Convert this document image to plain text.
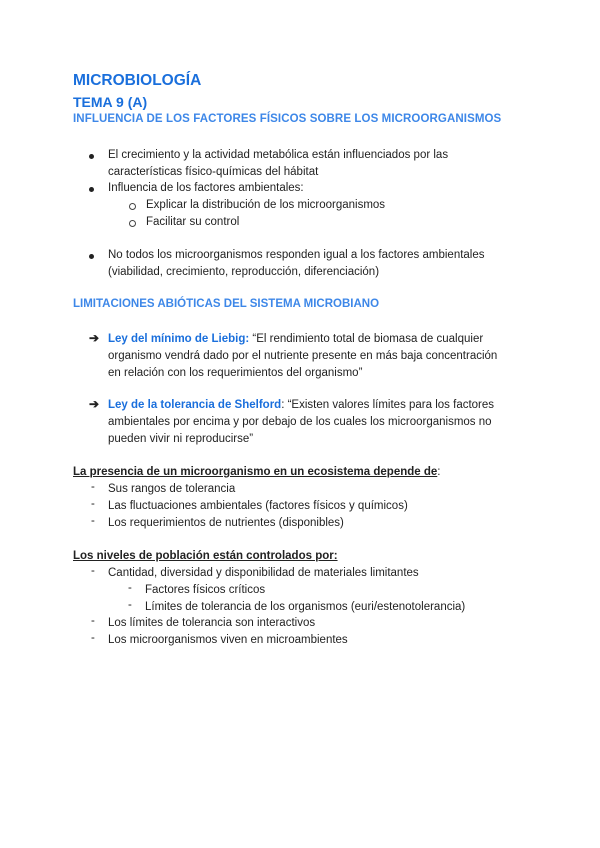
MICROBIOLOGÍA
TEMA 9 (A)
INFLUENCIA DE LOS FACTORES FÍSICOS SOBRE LOS MICROORGANISMOS
El crecimiento y la actividad metabólica están influenciados por las
características físico-químicas del hábitat
Influencia de los factores ambientales:
Explicar la distribución de los microorganismos
Facilitar su control
No todos los microorganismos responden igual a los factores ambientales
(viabilidad, crecimiento, reproducción, diferenciación)
LIMITACIONES ABIÓTICAS DEL SISTEMA MICROBIANO
➔ Ley del mínimo de Liebig: “El rendimiento total de biomasa de cualquier
organismo vendrá dado por el nutriente presente en más baja concentración
en relación con los requerimientos del organismo”
➔ Ley de la tolerancia de Shelford: “Existen valores límites para los factores
ambientales por encima y por debajo de los cuales los microorganismos no
pueden vivir ni reproducirse”
La presencia de un microorganismo en un ecosistema depende de:
- Sus rangos de tolerancia
- Las fluctuaciones ambientales (factores físicos y químicos)
- Los requerimientos de nutrientes (disponibles)
Los niveles de población están controlados por:
- Cantidad, diversidad y disponibilidad de materiales limitantes
- Factores físicos críticos
- Límites de tolerancia de los organismos (euri/estenotolerancia)
- Los límites de tolerancia son interactivos
- Los microorganismos viven en microambientes
